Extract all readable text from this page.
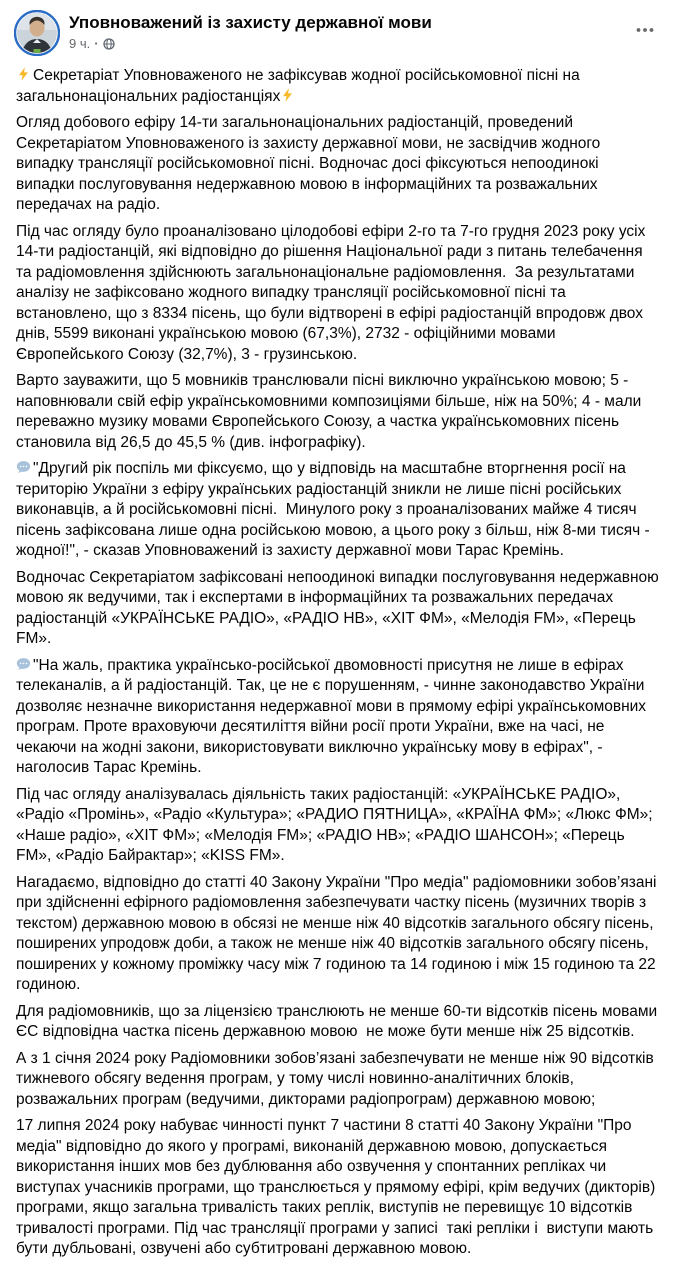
Уповноважений із захисту державної мови
9 ч. ·

Секретаріат Уповноваженого не зафіксував жодної російськомовної пісні на загальнонаціональних радіостанціях

Огляд добового ефіру 14-ти загальнонаціональних радіостанцій, проведений Секретаріатом Уповноваженого із захисту державної мови, не засвідчив жодного випадку трансляції російськомовної пісні. Водночас досі фіксуються непоодинокі випадки послуговування недержавною мовою в інформаційних та розважальних передачах на радіо.

Під час огляду було проаналізовано цілодобові ефіри 2-го та 7-го грудня 2023 року усіх 14-ти радіостанцій, які відповідно до рішення Національної ради з питань телебачення та радіомовлення здійснюють загальнонаціональне радіомовлення.  За результатами аналізу не зафіксовано жодного випадку трансляції російськомовної пісні та встановлено, що з 8334 пісень, що були відтворені в ефірі радіостанцій впродовж двох днів, 5599 виконані українською мовою (67,3%), 2732 - офіційними мовами Європейського Союзу (32,7%), 3 - грузинською.

Варто зауважити, що 5 мовників транслювали пісні виключно українською мовою; 5 - наповнювали свій ефір українськомовними композиціями більше, ніж на 50%; 4 - мали переважно музику мовами Європейського Союзу, а частка українськомовних пісень становила від 26,5 до 45,5 % (див. інфографіку).

"Другий рік поспіль ми фіксуємо, що у відповідь на масштабне вторгнення росії на територію України з ефіру українських радіостанцій зникли не лише пісні російських виконавців, а й російськомовні пісні.  Минулого року з проаналізованих майже 4 тисяч пісень зафіксована лише одна російською мовою, а цього року з більш, ніж 8-ми тисяч - жодної!", - сказав Уповноважений із захисту державної мови Тарас Кремінь.

Водночас Секретаріатом зафіксовані непоодинокі випадки послуговування недержавною мовою як ведучими, так і експертами в інформаційних та розважальних передачах радіостанцій «УКРАЇНСЬКЕ РАДІО», «РАДІО НВ», «ХІТ ФМ», «Мелодія FM», «Перець FM».

"На жаль, практика українсько-російської двомовності присутня не лише в ефірах телеканалів, а й радіостанцій. Так, це не є порушенням, - чинне законодавство України дозволяє незначне використання недержавної мови в прямому ефірі українськомовних програм. Проте враховуючи десятиліття війни росії проти України, вже на часі, не чекаючи на жодні закони, використовувати виключно українську мову в ефірах", - наголосив Тарас Кремінь.

Під час огляду аналізувалась діяльність таких радіостанцій: «УКРАЇНСЬКЕ РАДІО», «Радіо «Промінь», «Радіо «Культура»; «РАДИО ПЯТНИЦА», «КРАЇНА ФМ»; «Люкс ФМ»; «Наше радіо», «ХІТ ФМ»; «Мелодія FM»; «РАДІО НВ»; «РАДІО ШАНСОН»; «Перець FM», «Радіо Байрактар»; «KISS FM».

Нагадаємо, відповідно до статті 40 Закону України "Про медіа" радіомовники зобов’язані при здійсненні ефірного радіомовлення забезпечувати частку пісень (музичних творів з текстом) державною мовою в обсязі не менше ніж 40 відсотків загального обсягу пісень, поширених упродовж доби, а також не менше ніж 40 відсотків загального обсягу пісень, поширених у кожному проміжку часу між 7 годиною та 14 годиною і між 15 годиною та 22 годиною.

Для радіомовників, що за ліцензією транслюють не менше 60-ти відсотків пісень мовами ЄС відповідна частка пісень державною мовою  не може бути менше ніж 25 відсотків.

А з 1 січня 2024 року Радіомовники зобов’язані забезпечувати не менше ніж 90 відсотків тижневого обсягу ведення програм, у тому числі новинно-аналітичних блоків, розважальних програм (ведучими, дикторами радіопрограм) державною мовою;

17 липня 2024 року набуває чинності пункт 7 частини 8 статті 40 Закону України "Про медіа" відповідно до якого у програмі, виконаній державною мовою, допускається використання інших мов без дублювання або озвучення у спонтанних репліках чи виступах учасників програми, що транслюється у прямому ефірі, крім ведучих (дикторів) програми, якщо загальна тривалість таких реплік, виступів не перевищує 10 відсотків тривалості програми. Під час трансляції програми у записі  такі репліки і  виступи мають бути дубльовані, озвучені або субтитровані державною мовою.
